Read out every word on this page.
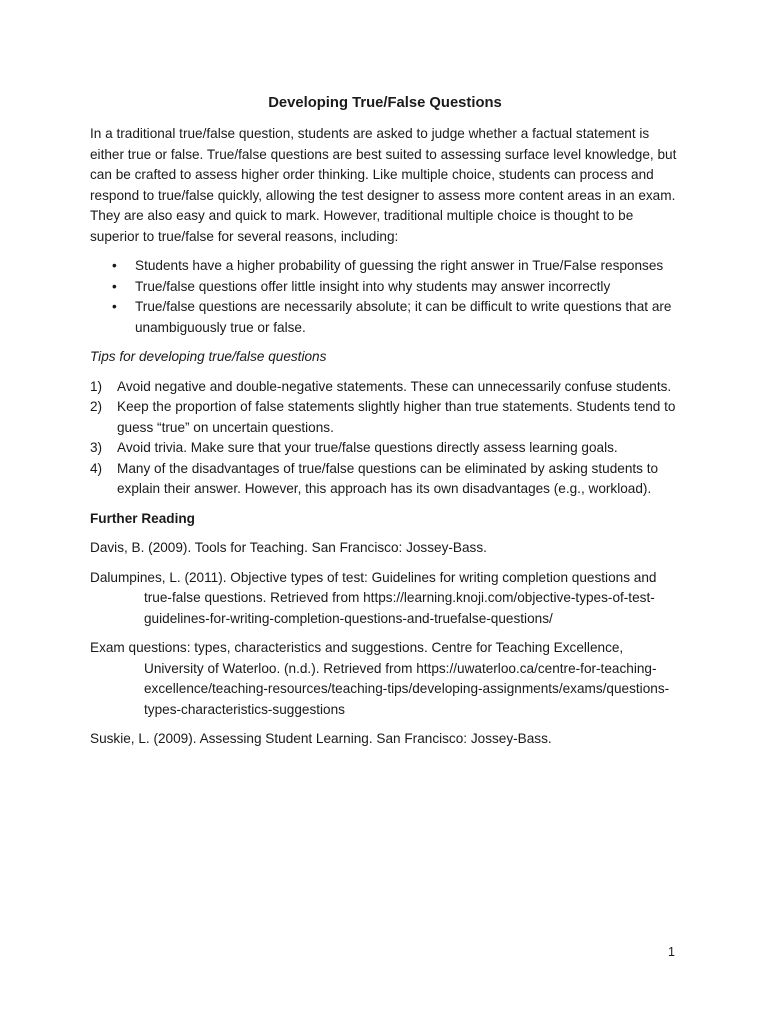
Developing True/False Questions
In a traditional true/false question, students are asked to judge whether a factual statement is either true or false. True/false questions are best suited to assessing surface level knowledge, but can be crafted to assess higher order thinking. Like multiple choice, students can process and respond to true/false quickly, allowing the test designer to assess more content areas in an exam. They are also easy and quick to mark. However, traditional multiple choice is thought to be superior to true/false for several reasons, including:
• Students have a higher probability of guessing the right answer in True/False responses
• True/false questions offer little insight into why students may answer incorrectly
• True/false questions are necessarily absolute; it can be difficult to write questions that are unambiguously true or false.
Tips for developing true/false questions
1) Avoid negative and double-negative statements. These can unnecessarily confuse students.
2) Keep the proportion of false statements slightly higher than true statements. Students tend to guess “true” on uncertain questions.
3) Avoid trivia. Make sure that your true/false questions directly assess learning goals.
4) Many of the disadvantages of true/false questions can be eliminated by asking students to explain their answer. However, this approach has its own disadvantages (e.g., workload).
Further Reading
Davis, B. (2009). Tools for Teaching. San Francisco: Jossey-Bass.
Dalumpines, L. (2011). Objective types of test: Guidelines for writing completion questions and true-false questions. Retrieved from https://learning.knoji.com/objective-types-of-test-guidelines-for-writing-completion-questions-and-truefalse-questions/
Exam questions: types, characteristics and suggestions. Centre for Teaching Excellence, University of Waterloo. (n.d.). Retrieved from https://uwaterloo.ca/centre-for-teaching-excellence/teaching-resources/teaching-tips/developing-assignments/exams/questions-types-characteristics-suggestions
Suskie, L. (2009). Assessing Student Learning. San Francisco: Jossey-Bass.
1
